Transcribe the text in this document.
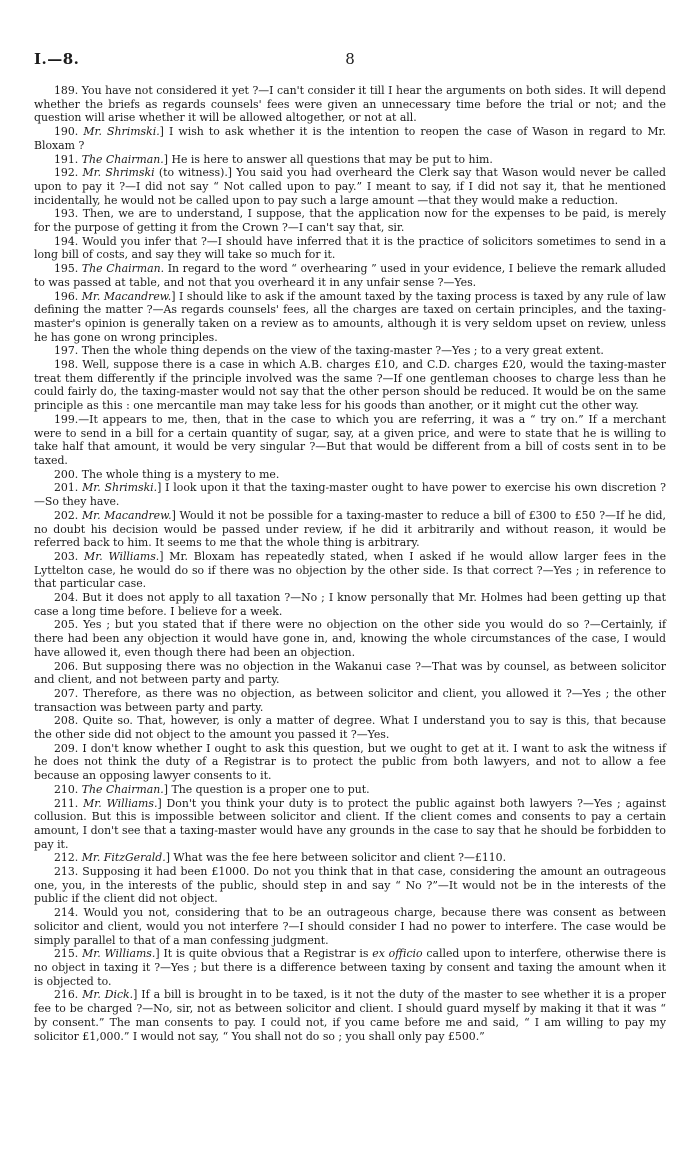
I.—8.	8

189. You have not considered it yet ?—I can't consider it till I hear the arguments on both sides. It will depend whether the briefs as regards counsels' fees were given an unnecessary time before the trial or not; and the question will arise whether it will be allowed altogether, or not at all.

190. Mr. Shrimski.] I wish to ask whether it is the intention to reopen the case of Wason in regard to Mr. Bloxam ?

191. The Chairman.] He is here to answer all questions that may be put to him.

192. Mr. Shrimski (to witness).] You said you had overheard the Clerk say that Wason would never be called upon to pay it ?—I did not say “ Not called upon to pay.” I meant to say, if I did not say it, that he mentioned incidentally, he would not be called upon to pay such a large amount —that they would make a reduction.

193. Then, we are to understand, I suppose, that the application now for the expenses to be paid, is merely for the purpose of getting it from the Crown ?—I can't say that, sir.

194. Would you infer that ?—I should have inferred that it is the practice of solicitors sometimes to send in a long bill of costs, and say they will take so much for it.

195. The Chairman. In regard to the word “ overhearing ” used in your evidence, I believe the remark alluded to was passed at table, and not that you overheard it in any unfair sense ?—Yes.

196. Mr. Macandrew.] I should like to ask if the amount taxed by the taxing process is taxed by any rule of law defining the matter ?—As regards counsels' fees, all the charges are taxed on certain principles, and the taxing-master's opinion is generally taken on a review as to amounts, although it is very seldom upset on review, unless he has gone on wrong principles.

197. Then the whole thing depends on the view of the taxing-master ?—Yes ; to a very great extent.

198. Well, suppose there is a case in which A.B. charges £10, and C.D. charges £20, would the taxing-master treat them differently if the principle involved was the same ?—If one gentleman chooses to charge less than he could fairly do, the taxing-master would not say that the other person should be reduced. It would be on the same principle as this : one mercantile man may take less for his goods than another, or it might cut the other way.

199.—It appears to me, then, that in the case to which you are referring, it was a “ try on.” If a merchant were to send in a bill for a certain quantity of sugar, say, at a given price, and were to state that he is willing to take half that amount, it would be very singular ?—But that would be different from a bill of costs sent in to be taxed.

200. The whole thing is a mystery to me.

201. Mr. Shrimski.] I look upon it that the taxing-master ought to have power to exercise his own discretion ?—So they have.

202. Mr. Macandrew.] Would it not be possible for a taxing-master to reduce a bill of £300 to £50 ?—If he did, no doubt his decision would be passed under review, if he did it arbitrarily and without reason, it would be referred back to him. It seems to me that the whole thing is arbitrary.

203. Mr. Williams.] Mr. Bloxam has repeatedly stated, when I asked if he would allow larger fees in the Lyttelton case, he would do so if there was no objection by the other side. Is that correct ?—Yes ; in reference to that particular case.

204. But it does not apply to all taxation ?—No ; I know personally that Mr. Holmes had been getting up that case a long time before. I believe for a week.

205. Yes ; but you stated that if there were no objection on the other side you would do so ?—Certainly, if there had been any objection it would have gone in, and, knowing the whole circumstances of the case, I would have allowed it, even though there had been an objection.

206. But supposing there was no objection in the Wakanui case ?—That was by counsel, as between solicitor and client, and not between party and party.

207. Therefore, as there was no objection, as between solicitor and client, you allowed it ?—Yes ; the other transaction was between party and party.

208. Quite so. That, however, is only a matter of degree. What I understand you to say is this, that because the other side did not object to the amount you passed it ?—Yes.

209. I don't know whether I ought to ask this question, but we ought to get at it. I want to ask the witness if he does not think the duty of a Registrar is to protect the public from both lawyers, and not to allow a fee because an opposing lawyer consents to it.

210. The Chairman.] The question is a proper one to put.

211. Mr. Williams.] Don't you think your duty is to protect the public against both lawyers ?—Yes ; against collusion. But this is impossible between solicitor and client. If the client comes and consents to pay a certain amount, I don't see that a taxing-master would have any grounds in the case to say that he should be forbidden to pay it.

212. Mr. FitzGerald.] What was the fee here between solicitor and client ?—£110.

213. Supposing it had been £1000. Do not you think that in that case, considering the amount an outrageous one, you, in the interests of the public, should step in and say “ No ?”—It would not be in the interests of the public if the client did not object.

214. Would you not, considering that to be an outrageous charge, because there was consent as between solicitor and client, would you not interfere ?—I should consider I had no power to interfere. The case would be simply parallel to that of a man confessing judgment.

215. Mr. Williams.] It is quite obvious that a Registrar is ex officio called upon to interfere, otherwise there is no object in taxing it ?—Yes ; but there is a difference between taxing by consent and taxing the amount when it is objected to.

216. Mr. Dick.] If a bill is brought in to be taxed, is it not the duty of the master to see whether it is a proper fee to be charged ?—No, sir, not as between solicitor and client. I should guard myself by making it that it was “ by consent.” The man consents to pay. I could not, if you came before me and said, “ I am willing to pay my solicitor £1,000.” I would not say, “ You shall not do so ; you shall only pay £500.”
